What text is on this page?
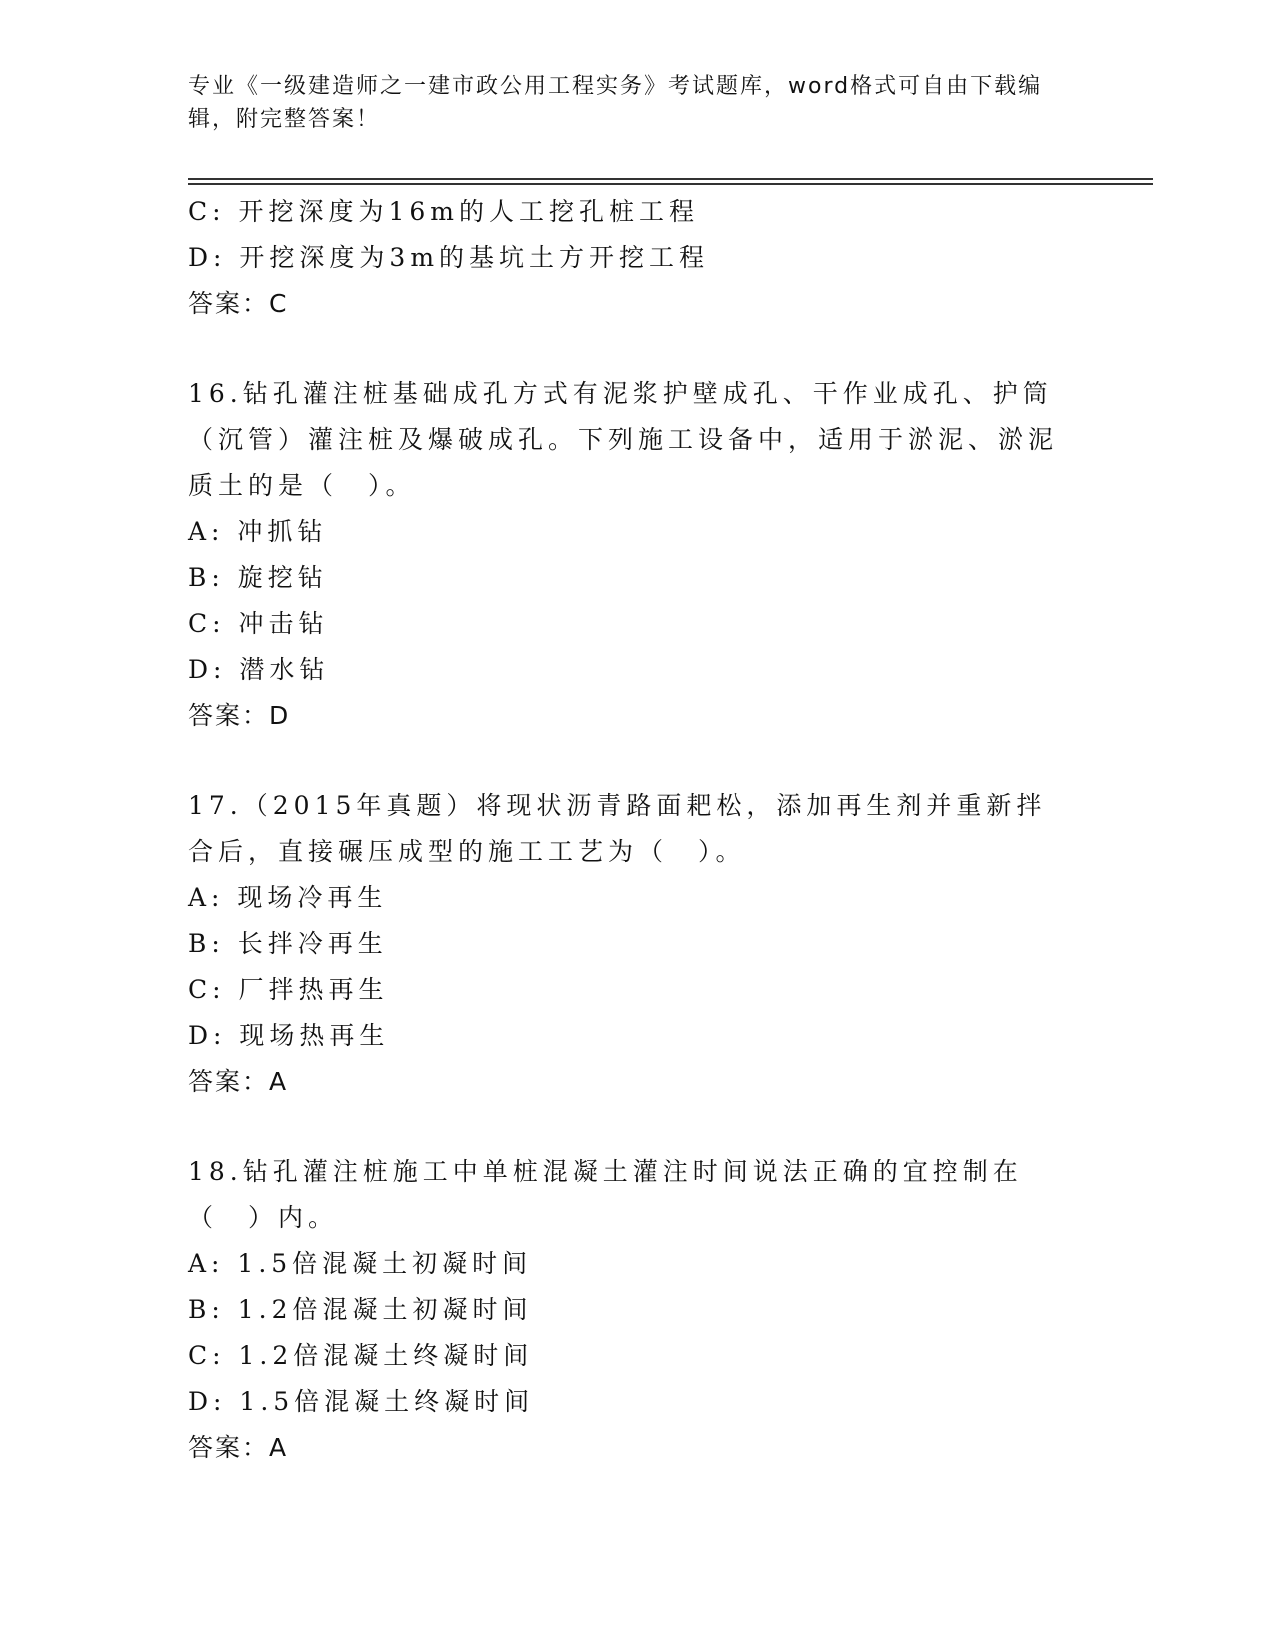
专业《一级建造师之一建市政公用工程实务》考试题库，word格式可自由下载编辑，附完整答案！
C: 开挖深度为16m的人工挖孔桩工程
D: 开挖深度为3m的基坑土方开挖工程
答案：C
16.钻孔灌注桩基础成孔方式有泥浆护壁成孔、干作业成孔、护筒（沉管）灌注桩及爆破成孔。下列施工设备中，适用于淤泥、淤泥质土的是（　）。
A: 冲抓钻
B: 旋挖钻
C: 冲击钻
D: 潜水钻
答案：D
17.（2015年真题）将现状沥青路面耙松，添加再生剂并重新拌合后，直接碾压成型的施工工艺为（　）。
A: 现场冷再生
B: 长拌冷再生
C: 厂拌热再生
D: 现场热再生
答案：A
18.钻孔灌注桩施工中单桩混凝土灌注时间说法正确的宜控制在（　）内。
A: 1.5倍混凝土初凝时间
B: 1.2倍混凝土初凝时间
C: 1.2倍混凝土终凝时间
D: 1.5倍混凝土终凝时间
答案：A
